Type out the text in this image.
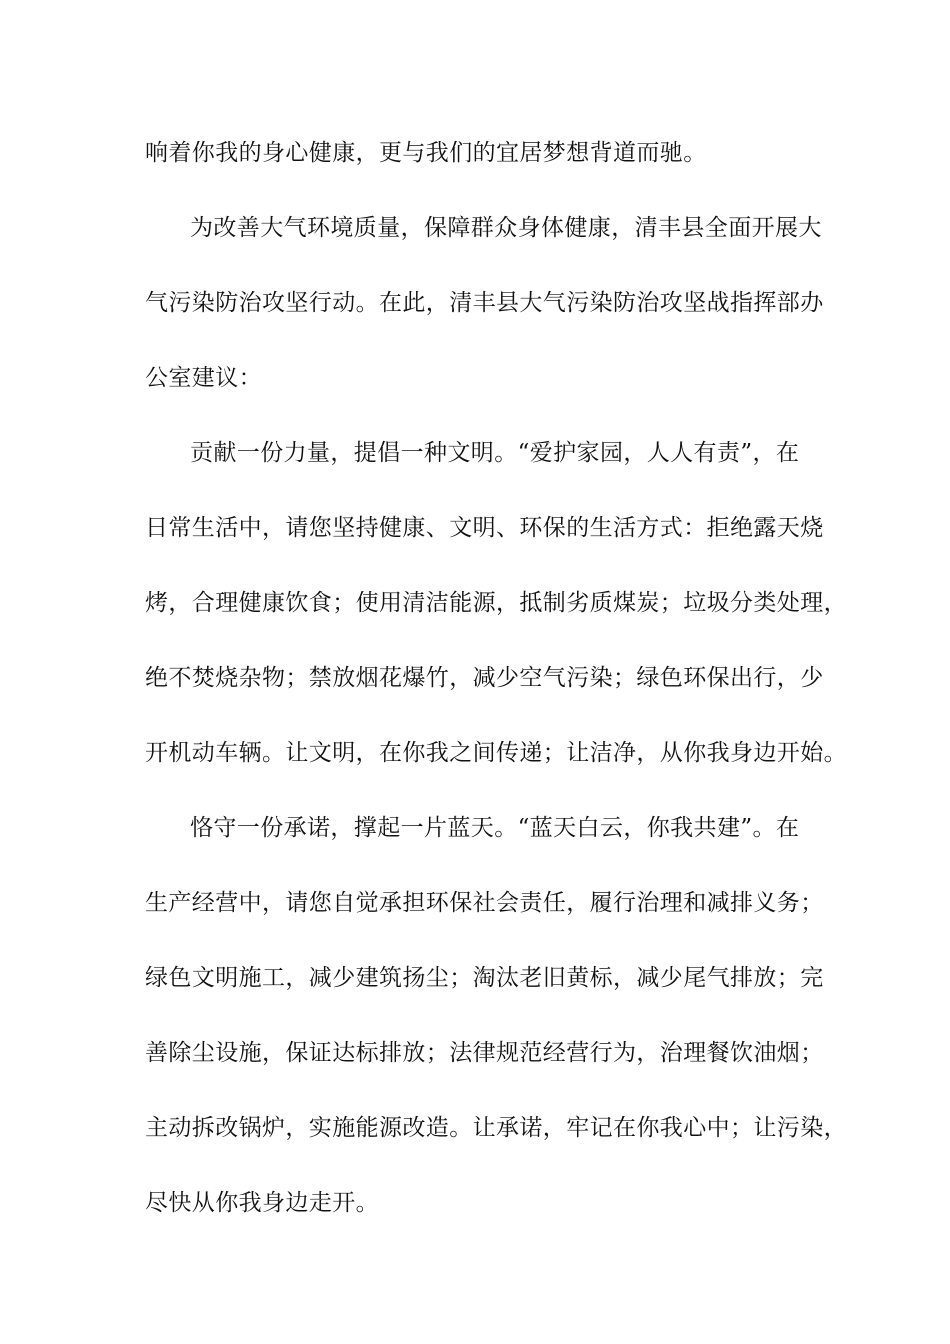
响着你我的身心健康，更与我们的宜居梦想背道而驰。
为改善大气环境质量，保障群众身体健康，清丰县全面开展大
气污染防治攻坚行动。在此，清丰县大气污染防治攻坚战指挥部办
公室建议：
贡献一份力量，提倡一种文明。“爱护家园，人人有责”，在
日常生活中，请您坚持健康、文明、环保的生活方式：拒绝露天烧
烤，合理健康饮食；使用清洁能源，抵制劣质煤炭；垃圾分类处理，
绝不焚烧杂物；禁放烟花爆竹，减少空气污染；绿色环保出行，少
开机动车辆。让文明，在你我之间传递；让洁净，从你我身边开始。
恪守一份承诺，撑起一片蓝天。“蓝天白云，你我共建”。在
生产经营中，请您自觉承担环保社会责任，履行治理和减排义务；
绿色文明施工，减少建筑扬尘；淘汰老旧黄标，减少尾气排放；完
善除尘设施，保证达标排放；法律规范经营行为，治理餐饮油烟；
主动拆改锅炉，实施能源改造。让承诺，牢记在你我心中；让污染，
尽快从你我身边走开。
